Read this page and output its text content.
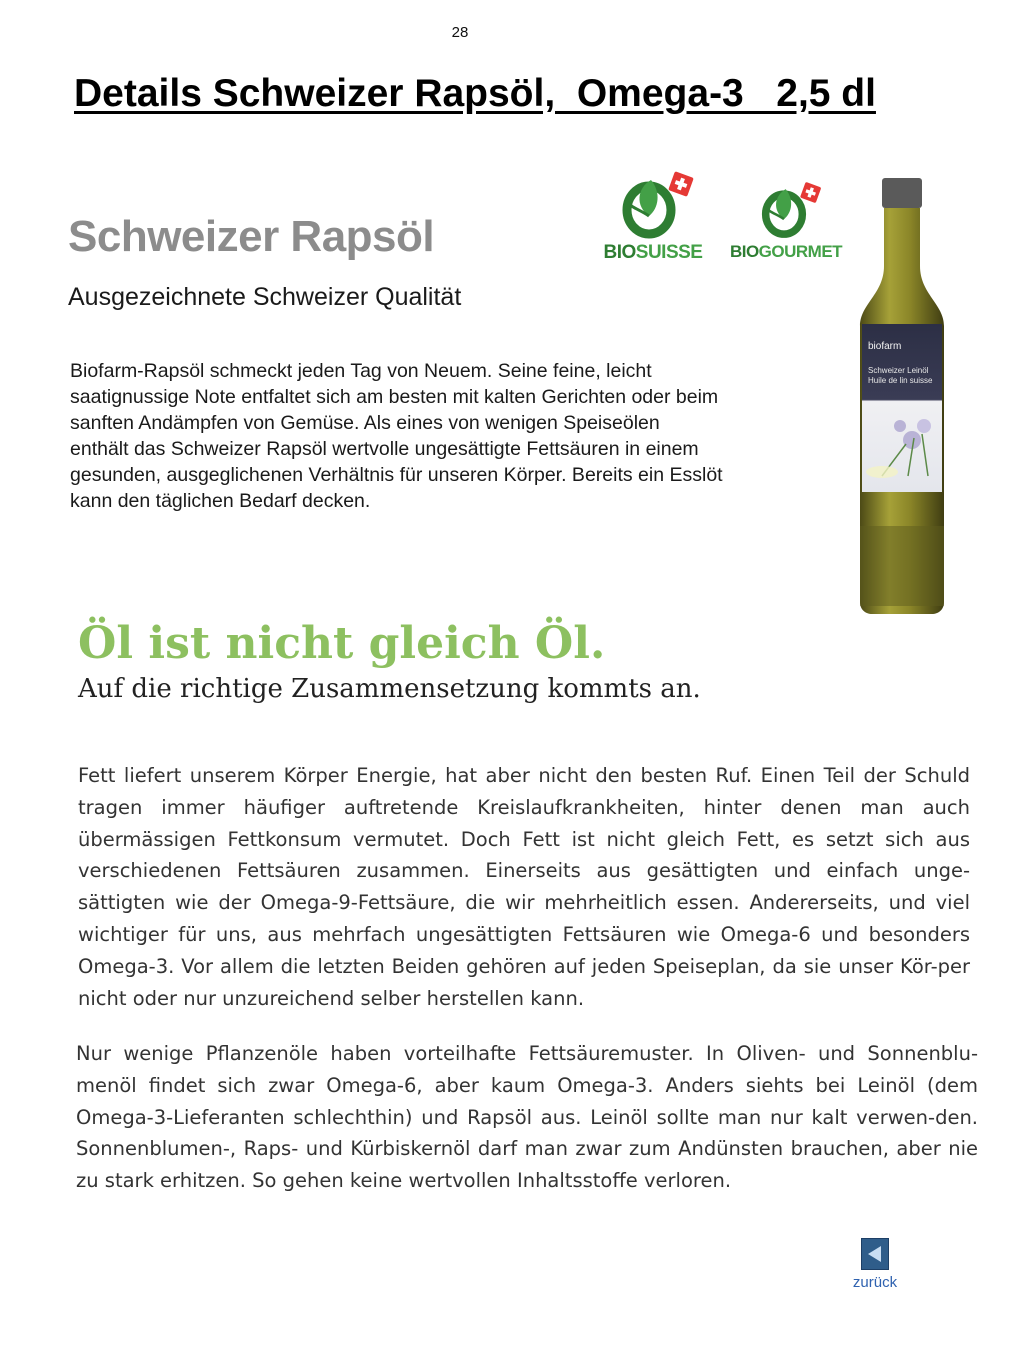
28
Details Schweizer Rapsöl,  Omega-3   2,5 dl
Schweizer Rapsöl
Ausgezeichnete Schweizer Qualität
Biofarm-Rapsöl schmeckt jeden Tag von Neuem. Seine feine, leicht
saatignussige Note entfaltet sich am besten mit kalten Gerichten oder beim
sanften Andämpfen von Gemüse. Als eines von wenigen Speiseölen
enthält das Schweizer Rapsöl wertvolle ungesättigte Fettsäuren in einem
gesunden, ausgeglichenen Verhältnis für unseren Körper. Bereits ein Esslöt
kann den täglichen Bedarf decken.
BIOSUISSE	BIOGOURMET
biofarm
Schweizer Leinöl
Huile de lin suisse
Öl ist nicht gleich Öl.
Auf die richtige Zusammensetzung kommts an.

Fett liefert unserem Körper Energie, hat aber nicht den besten Ruf. Einen Teil der Schuld tragen immer häufiger auftretende Kreislaufkrankheiten, hinter denen man auch übermässigen Fettkonsum vermutet. Doch Fett ist nicht gleich Fett, es setzt sich aus verschiedenen Fettsäuren zusammen. Einerseits aus gesättigten und einfach unge-sättigten wie der Omega-9-Fettsäure, die wir mehrheitlich essen. Andererseits, und viel wichtiger für uns, aus mehrfach ungesättigten Fettsäuren wie Omega-6 und besonders Omega-3. Vor allem die letzten Beiden gehören auf jeden Speiseplan, da sie unser Kör-per nicht oder nur unzureichend selber herstellen kann.

Nur wenige Pflanzenöle haben vorteilhafte Fettsäuremuster. In Oliven- und Sonnenblu-menöl findet sich zwar Omega-6, aber kaum Omega-3. Anders siehts bei Leinöl (dem Omega-3-Lieferanten schlechthin) und Rapsöl aus. Leinöl sollte man nur kalt verwen-den. Sonnenblumen-, Raps- und Kürbiskernöl darf man zwar zum Andünsten brauchen, aber nie zu stark erhitzen. So gehen keine wertvollen Inhaltsstoffe verloren.

zurück
